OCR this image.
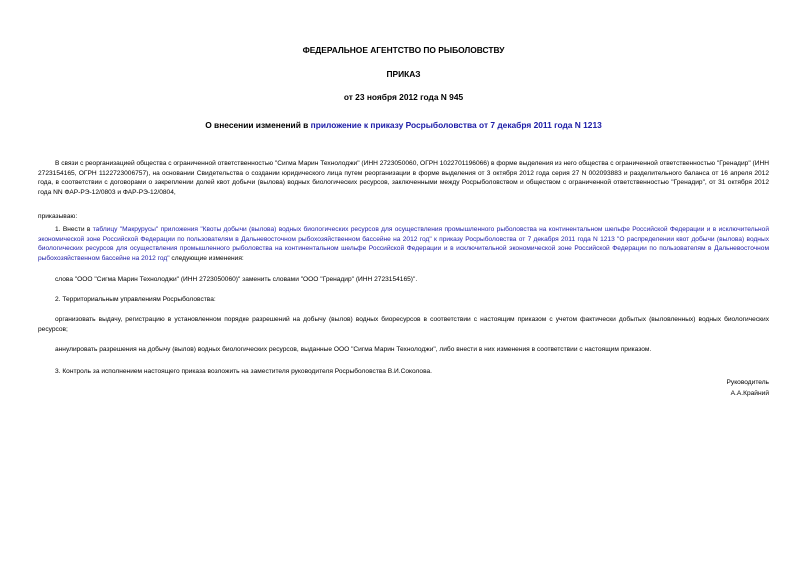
ФЕДЕРАЛЬНОЕ АГЕНТСТВО ПО РЫБОЛОВСТВУ
ПРИКАЗ
от 23 ноября 2012 года N 945
О внесении изменений в приложение к приказу Росрыболовства от 7 декабря 2011 года N 1213
В связи с реорганизацией общества с ограниченной ответственностью "Сигма Марин Технолоджи" (ИНН 2723050060, ОГРН 1022701196066) в форме выделения из него общества с ограниченной ответственностью "Гренадир" (ИНН 2723154165, ОГРН 1122723006757), на основании Свидетельства о создании юридического лица путем реорганизации в форме выделения от 3 октября 2012 года серия 27 N 002093883 и разделительного баланса от 16 апреля 2012 года, в соответствии с договорами о закреплении долей квот добычи (вылова) водных биологических ресурсов, заключенными между Росрыболовством и обществом с ограниченной ответственностью "Гренадир", от 31 октября 2012 года NN ФАР-РЭ-12/0803 и ФАР-РЭ-12/0804,
приказываю:
1. Внести в таблицу "Макрурусы" приложения "Квоты добычи (вылова) водных биологических ресурсов для осуществления промышленного рыболовства на континентальном шельфе Российской Федерации и в исключительной экономической зоне Российской Федерации по пользователям в Дальневосточном рыбохозяйственном бассейне на 2012 год" к приказу Росрыболовства от 7 декабря 2011 года N 1213 "О распределении квот добычи (вылова) водных биологических ресурсов для осуществления промышленного рыболовства на континентальном шельфе Российской Федерации и в исключительной экономической зоне Российской Федерации по пользователям в Дальневосточном рыбохозяйственном бассейне на 2012 год" следующие изменения:
слова "ООО "Сигма Марин Технолоджи" (ИНН 2723050060)" заменить словами "ООО "Гренадир" (ИНН 2723154165)".
2. Территориальным управлениям Росрыболовства:
организовать выдачу, регистрацию в установленном порядке разрешений на добычу (вылов) водных биоресурсов в соответствии с настоящим приказом с учетом фактически добытых (выловленных) водных биологических ресурсов;
аннулировать разрешения на добычу (вылов) водных биологических ресурсов, выданные ООО "Сигма Марин Технолоджи", либо внести в них изменения в соответствии с настоящим приказом.
3. Контроль за исполнением настоящего приказа возложить на заместителя руководителя Росрыболовства В.И.Соколова.
Руководитель
А.А.Крайний
